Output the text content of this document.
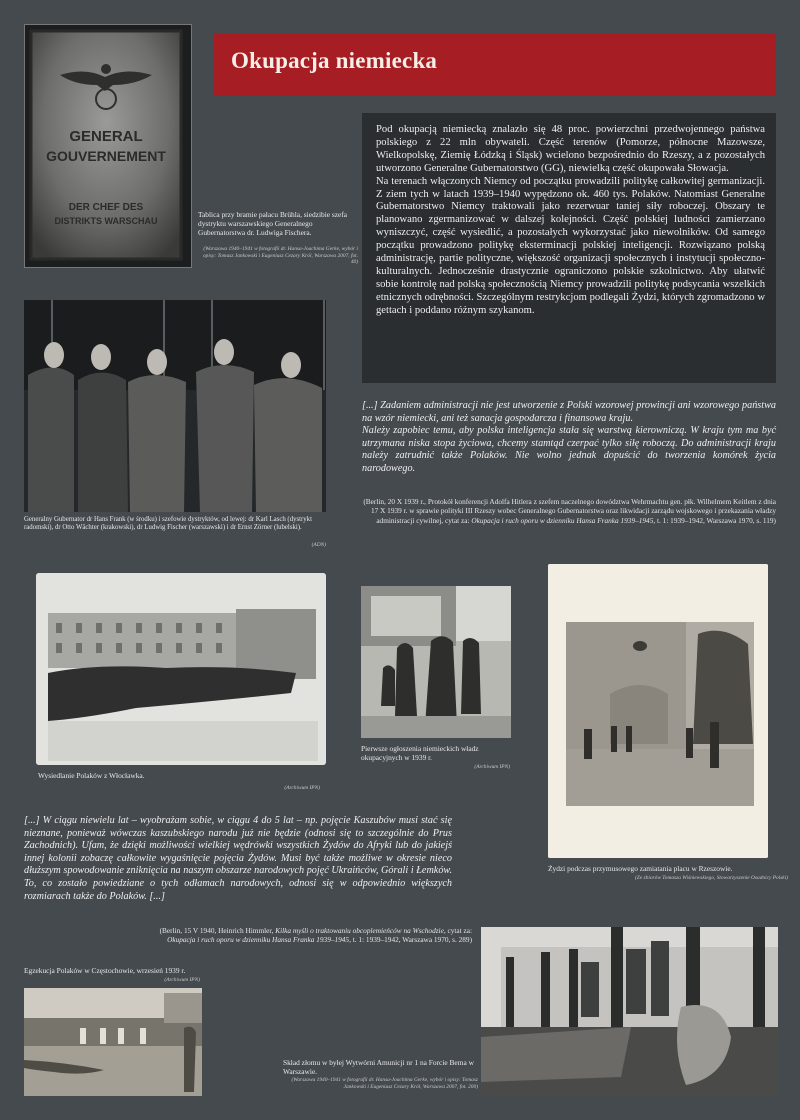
GENERAL
GOUVERNEMENT
DER CHEF DES
DISTRIKTS WARSCHAU
Tablica przy bramie pałacu Brühla, siedzibie szefa dystryktu warszawskiego Generalnego Gubernatorstwa dr. Ludwiga Fischera.
(Warszawa 1940–1941 w fotografii dr. Hansa-Joachima Gerke, wybór i opisy: Tomasz Jankowski i Eugeniusz Cezary Król, Warszawa 2007, fot. 40)
Okupacja niemiecka
Pod okupacją niemiecką znalazło się 48 proc. powierzchni przedwojennego państwa polskiego z 22 mln obywateli. Część terenów (Pomorze, północne Mazowsze, Wielkopolskę, Ziemię Łódzką i Śląsk) wcielono bezpośrednio do Rzeszy, a z pozostałych utworzono Generalne Gubernatorstwo (GG), niewielką część okupowała Słowacja.
Na terenach włączonych Niemcy od początku prowadzili politykę całkowitej germanizacji. Z ziem tych w latach 1939–1940 wypędzono ok. 460 tys. Polaków. Natomiast Generalne Gubernatorstwo Niemcy traktowali jako rezerwuar taniej siły roboczej. Obszary te planowano zgermanizować w dalszej kolejności. Część polskiej ludności zamierzano wyniszczyć, część wysiedlić, a pozostałych wykorzystać jako niewolników. Od samego początku prowadzono politykę eksterminacji polskiej inteligencji. Rozwiązano polską administrację, partie polityczne, większość organizacji społecznych i instytucji społeczno-kulturalnych. Jednocześnie drastycznie ograniczono polskie szkolnictwo. Aby ułatwić sobie kontrolę nad polską społecznością Niemcy prowadzili politykę podsycania wszelkich etnicznych odrębności. Szczególnym restrykcjom podlegali Żydzi, których zgromadzono w gettach i poddano różnym szykanom.
Generalny Gubernator dr Hans Frank (w środku) i szefowie dystryktów, od lewej: dr Karl Lasch (dystrykt radomski), dr Otto Wächter (krakowski), dr Ludwig Fischer (warszawski) i dr Ernst Zörner (lubelski).
(ADN)
[...] Zadaniem administracji nie jest utworzenie z Polski wzorowej prowincji ani wzorowego państwa na wzór niemiecki, ani też sanacja gospodarcza i finansowa kraju.
Należy zapobiec temu, aby polska inteligencja stała się warstwą kierowniczą. W kraju tym ma być utrzymana niska stopa życiowa, chcemy stamtąd czerpać tylko siłę roboczą. Do administracji kraju należy zatrudnić także Polaków. Nie wolno jednak dopuścić do tworzenia komórek życia narodowego.
(Berlin, 20 X 1939 r., Protokół konferencji Adolfa Hitlera z szefem naczelnego dowództwa Wehrmachtu gen. płk. Wilhelmem Keitlem z dnia 17 X 1939 r. w sprawie polityki III Rzeszy wobec Generalnego Gubernatorstwa oraz likwidacji zarządu wojskowego i przekazania władzy administracji cywilnej, cytat za: Okupacja i ruch oporu w dzienniku Hansa Franka 1939–1945, t. 1: 1939–1942, Warszawa 1970, s. 119)
Wysiedlanie Polaków z Włocławka.
(Archiwum IPN)
Pierwsze ogłoszenia niemieckich władz okupacyjnych w 1939 r.
(Archiwum IPN)
Żydzi podczas przymusowego zamiatania placu w Rzeszowie.
(Ze zbiorów Tomasza Wiśniewskiego, Stowarzyszenie Osadnicy Polski)
[...] W ciągu niewielu lat – wyobrażam sobie, w ciągu 4 do 5 lat – np. pojęcie Kaszubów musi stać się nieznane, ponieważ wówczas kaszubskiego narodu już nie będzie (odnosi się to szczególnie do Prus Zachodnich). Ufam, że dzięki możliwości wielkiej wędrówki wszystkich Żydów do Afryki lub do jakiejś innej kolonii zobaczę całkowite wygaśnięcie pojęcia Żydów. Musi być także możliwe w okresie nieco dłuższym spowodowanie zniknięcia na naszym obszarze narodowych pojęć Ukraińców, Górali i Łemków. To, co zostało powiedziane o tych odłamach narodowych, odnosi się w odpowiednio większych rozmiarach także do Polaków. [...]
(Berlin, 15 V 1940, Heinrich Himmler, Kilka myśli o traktowaniu obcoplemieńców na Wschodzie, cytat za:
Okupacja i ruch oporu w dzienniku Hansa Franka 1939–1945, t. 1: 1939–1942, Warszawa 1970, s. 289)
Egzekucja Polaków w Częstochowie, wrzesień 1939 r.
(Archiwum IPN)
Skład złomu w byłej Wytwórni Amunicji nr 1 na Forcie Bema w Warszawie.
(Warszawa 1940–1941 w fotografii dr. Hansa-Joachima Gerke, wybór i opisy: Tomasz Jankowski i Eugeniusz Cezary Król, Warszawa 2007, fot. 200)
